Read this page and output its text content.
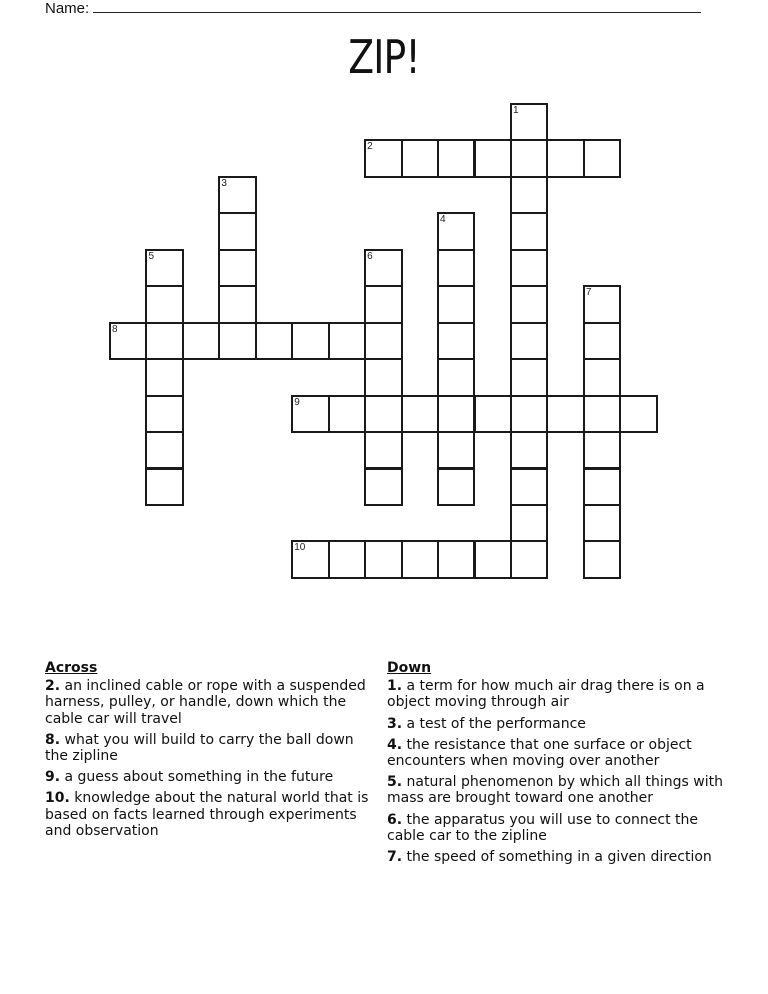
Name:
ZIP!
1
2
3
4
5	6
7
8
9
10
Across
2. an inclined cable or rope with a suspended harness, pulley, or handle, down which the cable car will travel
8. what you will build to carry the ball down the zipline
9. a guess about something in the future
10. knowledge about the natural world that is based on facts learned through experiments and observation
Down
1. a term for how much air drag there is on a object moving through air
3. a test of the performance
4. the resistance that one surface or object encounters when moving over another
5. natural phenomenon by which all things with mass are brought toward one another
6. the apparatus you will use to connect the cable car to the zipline
7. the speed of something in a given direction
